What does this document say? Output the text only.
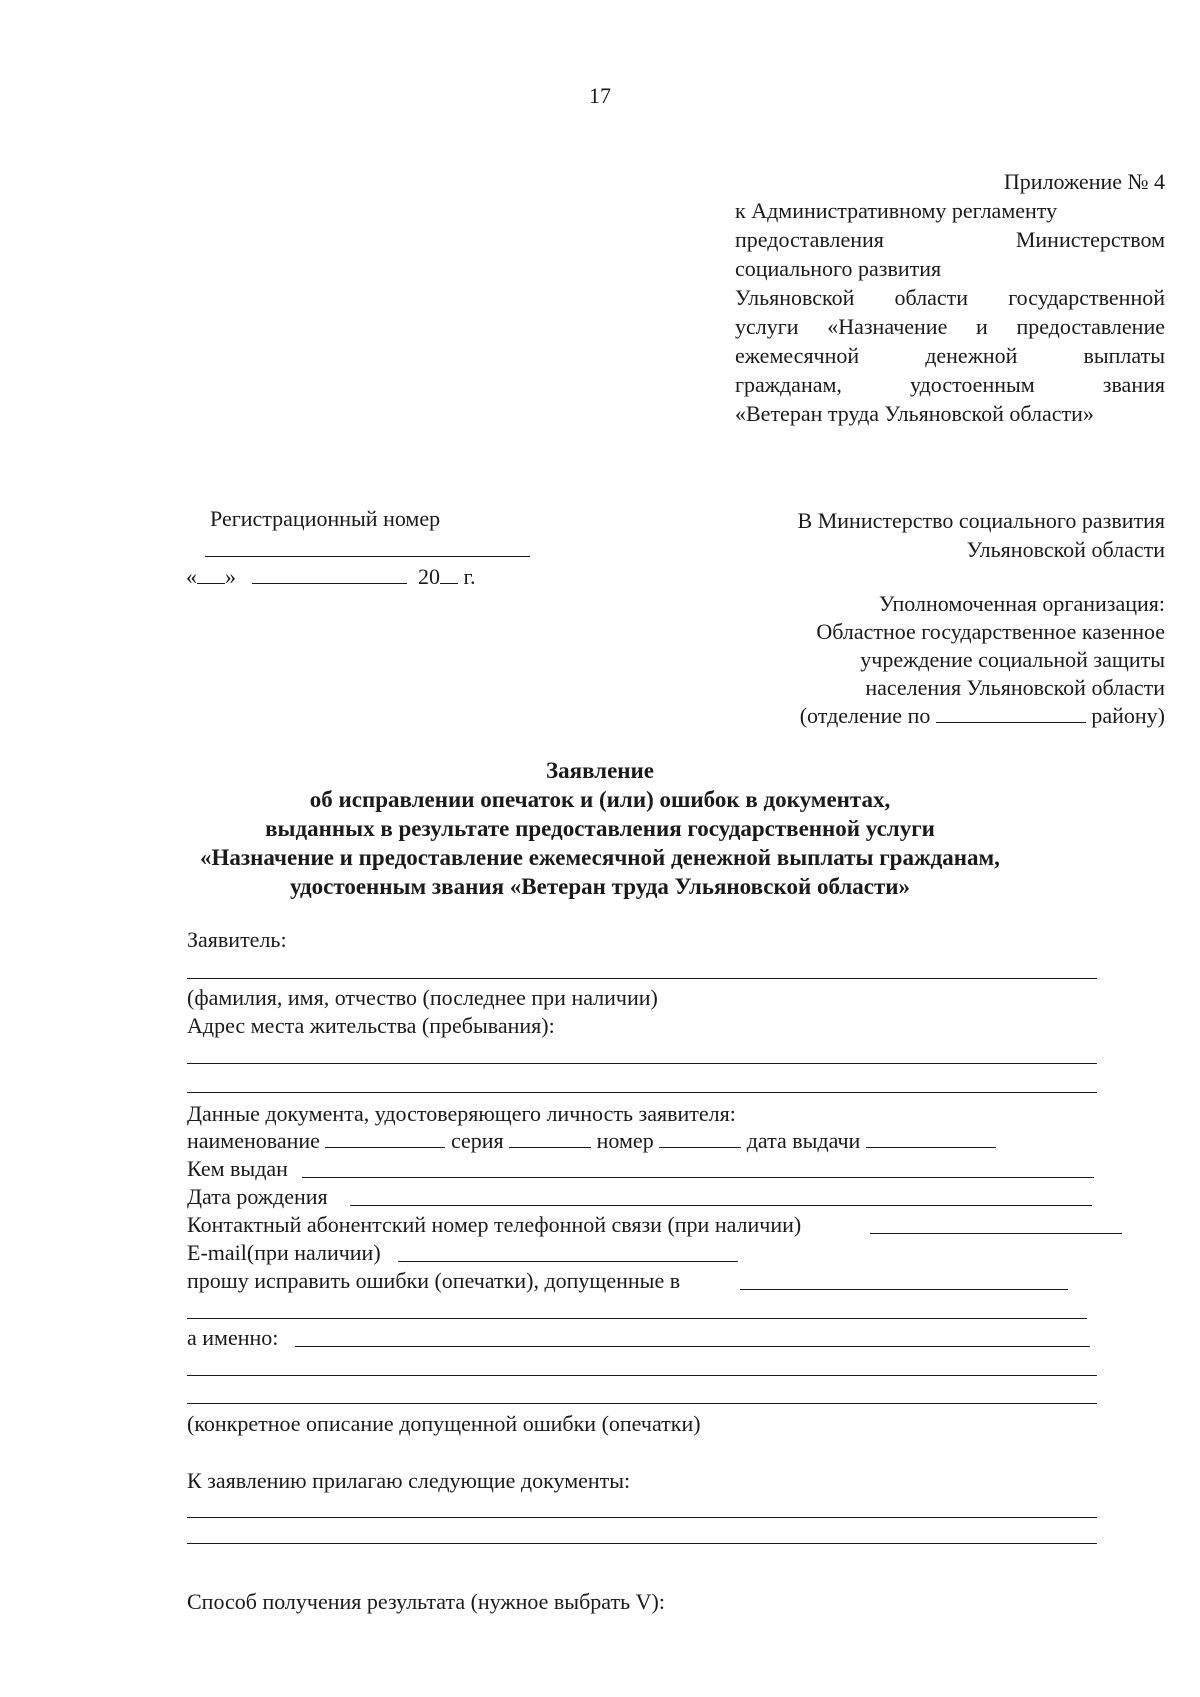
17
Приложение № 4
к Административному регламенту
предоставления	Министерством
социального развития
Ульяновской области государственной
услуги «Назначение и предоставление
ежемесячной	денежной	выплаты
гражданам,	удостоенным	звания
«Ветеран труда Ульяновской области»
Регистрационный номер
« »	20 г.
В Министерство социального развития
Ульяновской области
Уполномоченная организация:
Областное государственное казенное
учреждение социальной защиты
населения Ульяновской области
(отделение по	району)
Заявление
об исправлении опечаток и (или) ошибок в документах,
выданных в результате предоставления государственной услуги
«Назначение и предоставление ежемесячной денежной выплаты гражданам,
удостоенным звания «Ветеран труда Ульяновской области»
Заявитель:
(фамилия, имя, отчество (последнее при наличии)
Адрес места жительства (пребывания):
Данные документа, удостоверяющего личность заявителя:
наименование	серия	номер	дата выдачи
Кем выдан
Дата рождения
Контактный абонентский номер телефонной связи (при наличии)
E-mail(при наличии)
прошу исправить ошибки (опечатки), допущенные в
а именно:
(конкретное описание допущенной ошибки (опечатки)
К заявлению прилагаю следующие документы:
Способ получения результата (нужное выбрать V):
